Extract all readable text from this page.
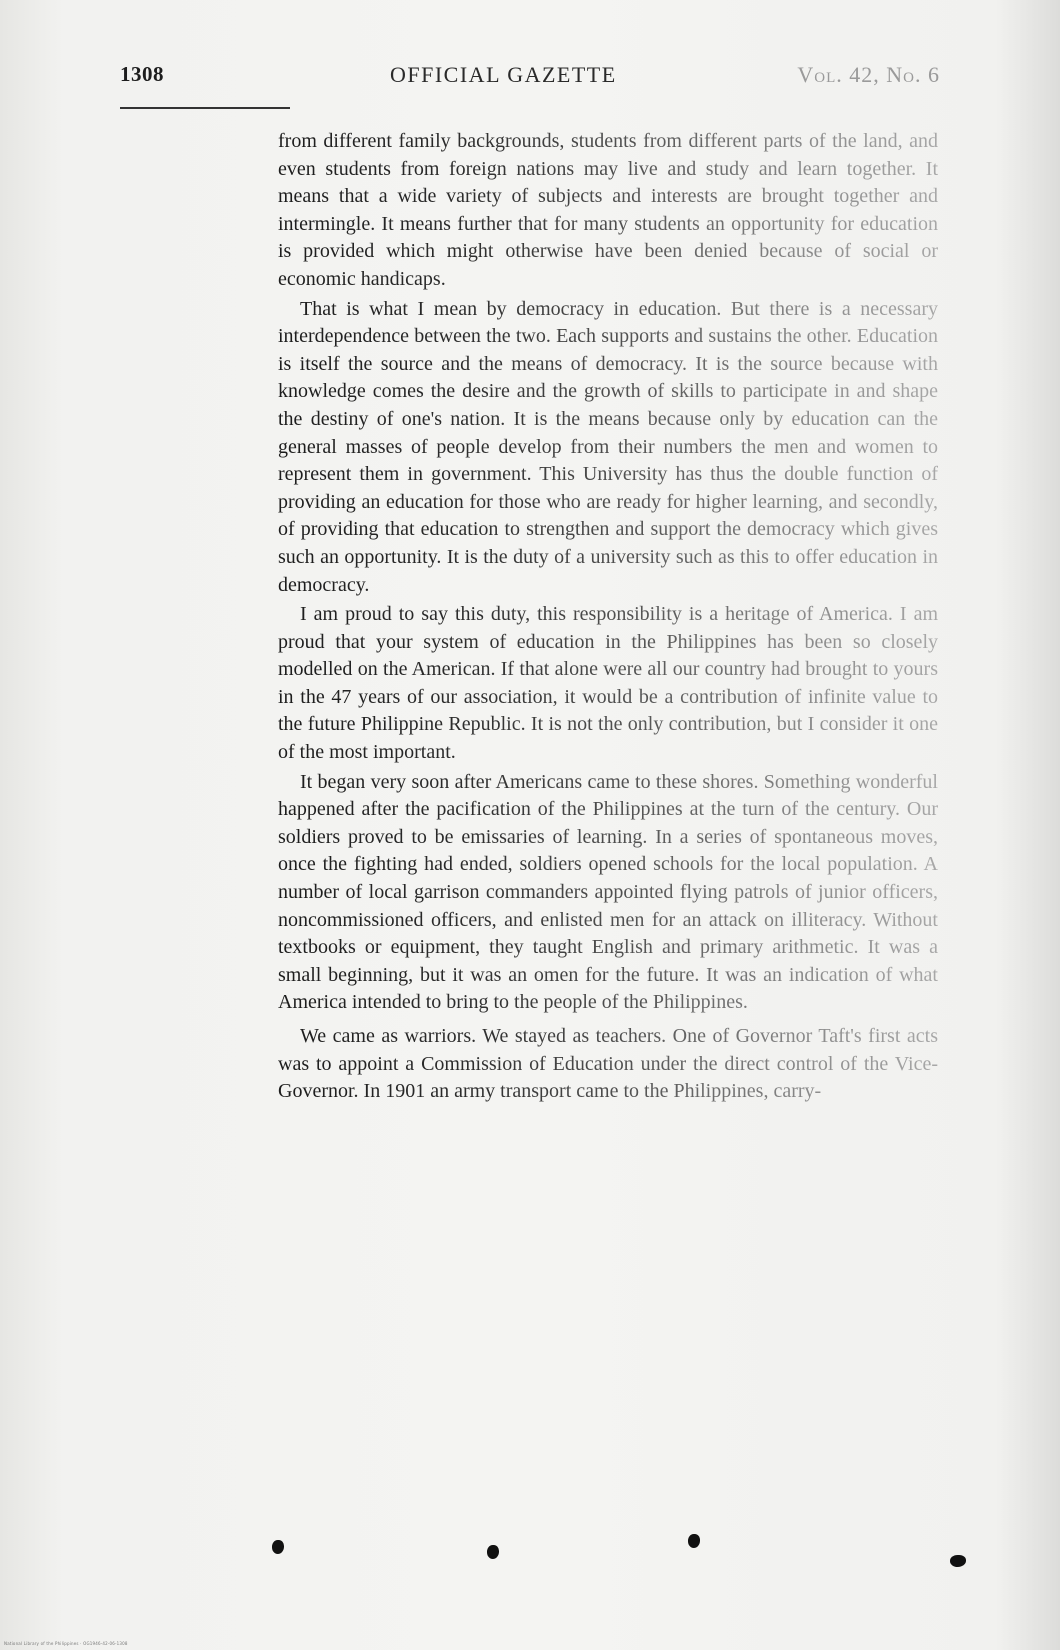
1308	OFFICIAL GAZETTE	Vol. 42, No. 6

from different family backgrounds, students from different parts of the land, and even students from foreign nations may live and study and learn together. It means that a wide variety of subjects and interests are brought together and intermingle. It means further that for many students an opportunity for education is provided which might otherwise have been denied because of social or economic handicaps.

That is what I mean by democracy in education. But there is a necessary interdependence between the two. Each supports and sustains the other. Education is itself the source and the means of democracy. It is the source because with knowledge comes the desire and the growth of skills to participate in and shape the destiny of one's nation. It is the means because only by education can the general masses of people develop from their numbers the men and women to represent them in government. This University has thus the double function of providing an education for those who are ready for higher learning, and secondly, of providing that education to strengthen and support the democracy which gives such an opportunity. It is the duty of a university such as this to offer education in democracy.

I am proud to say this duty, this responsibility is a heritage of America. I am proud that your system of education in the Philippines has been so closely modelled on the American. If that alone were all our country had brought to yours in the 47 years of our association, it would be a contribution of infinite value to the future Philippine Republic. It is not the only contribution, but I consider it one of the most important.

It began very soon after Americans came to these shores. Something wonderful happened after the pacification of the Philippines at the turn of the century. Our soldiers proved to be emissaries of learning. In a series of spontaneous moves, once the fighting had ended, soldiers opened schools for the local population. A number of local garrison commanders appointed flying patrols of junior officers, noncommissioned officers, and enlisted men for an attack on illiteracy. Without textbooks or equipment, they taught English and primary arithmetic. It was a small beginning, but it was an omen for the future. It was an indication of what America intended to bring to the people of the Philippines.

We came as warriors. We stayed as teachers. One of Governor Taft's first acts was to appoint a Commission of Education under the direct control of the Vice-Governor. In 1901 an army transport came to the Philippines, carry-

National Library of the Philippines · OG1946-42-06-1308
